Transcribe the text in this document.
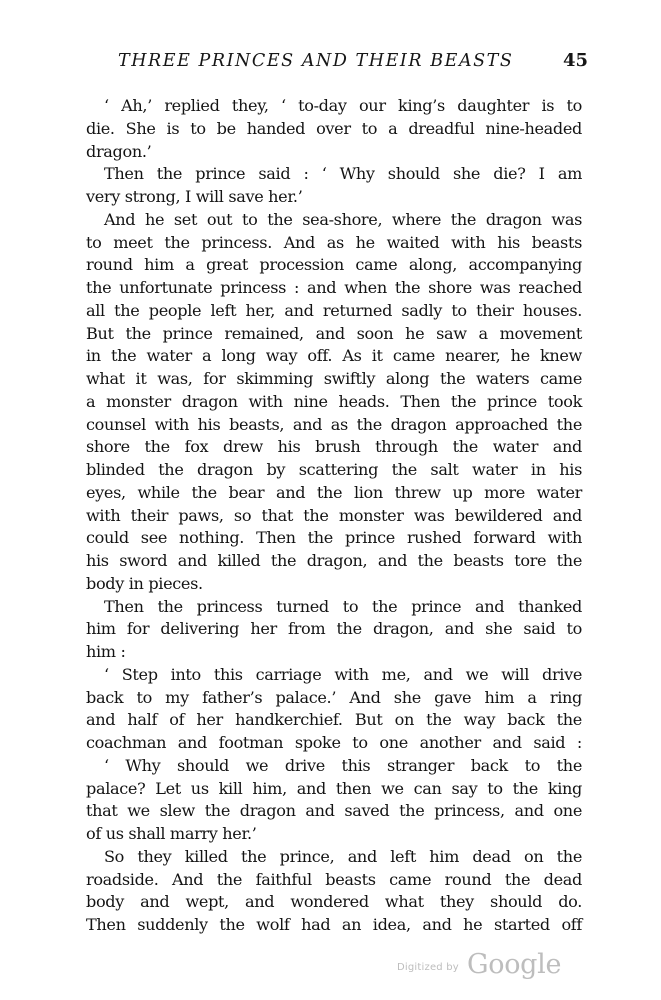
THREE PRINCES AND THEIR BEASTS	45
‘ Ah,’ replied they, ‘ to-day our king’s daughter is to
die. She is to be handed over to a dreadful nine-headed
dragon.’
Then the prince said : ‘ Why should she die? I am
very strong, I will save her.’
And he set out to the sea-shore, where the dragon was
to meet the princess. And as he waited with his beasts
round him a great procession came along, accompanying
the unfortunate princess : and when the shore was reached
all the people left her, and returned sadly to their houses.
But the prince remained, and soon he saw a movement
in the water a long way off. As it came nearer, he knew
what it was, for skimming swiftly along the waters came
a monster dragon with nine heads. Then the prince took
counsel with his beasts, and as the dragon approached the
shore the fox drew his brush through the water and
blinded the dragon by scattering the salt water in his
eyes, while the bear and the lion threw up more water
with their paws, so that the monster was bewildered and
could see nothing. Then the prince rushed forward with
his sword and killed the dragon, and the beasts tore the
body in pieces.
Then the princess turned to the prince and thanked
him for delivering her from the dragon, and she said to
him :
‘ Step into this carriage with me, and we will drive
back to my father’s palace.’ And she gave him a ring
and half of her handkerchief. But on the way back the
coachman and footman spoke to one another and said :
‘ Why should we drive this stranger back to the
palace? Let us kill him, and then we can say to the king
that we slew the dragon and saved the princess, and one
of us shall marry her.’
So they killed the prince, and left him dead on the
roadside. And the faithful beasts came round the dead
body and wept, and wondered what they should do.
Then suddenly the wolf had an idea, and he started off
Digitized by Google
